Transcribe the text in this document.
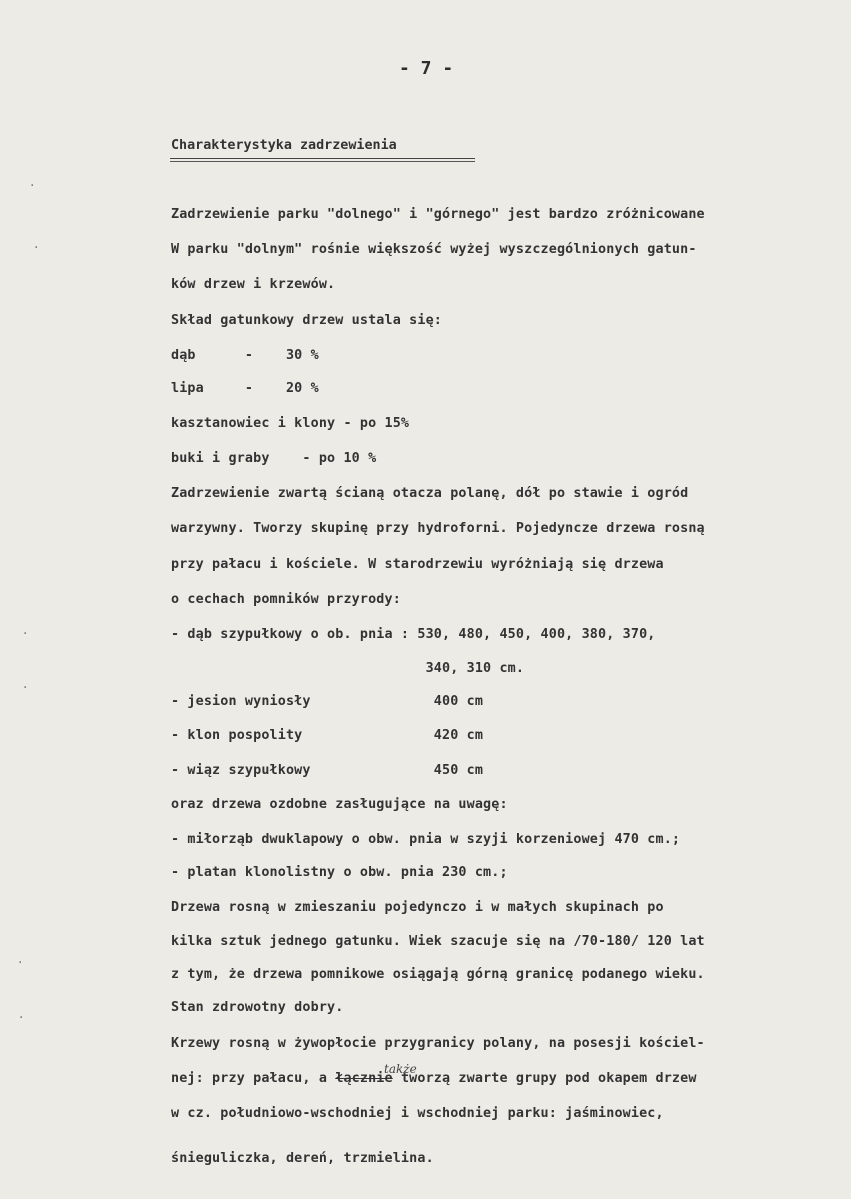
- 7 -
Charakterystyka zadrzewienia
Zadrzewienie parku "dolnego" i "górnego" jest bardzo zróżnicowane
W parku "dolnym" rośnie większość wyżej wyszczególnionych gatun-
ków drzew i krzewów.
Skład gatunkowy drzew ustala się:
dąb      -    30 %
lipa     -    20 %
kasztanowiec i klony - po 15%
buki i graby    - po 10 %
Zadrzewienie zwartą ścianą otacza polanę, dół po stawie i ogród
warzywny. Tworzy skupinę przy hydroforni. Pojedyncze drzewa rosną
przy pałacu i kościele. W starodrzewiu wyróżniają się drzewa
o cechach pomników przyrody:
- dąb szypułkowy o ob. pnia : 530, 480, 450, 400, 380, 370,
340, 310 cm.
- jesion wyniosły               400 cm
- klon pospolity                420 cm
- wiąz szypułkowy               450 cm
oraz drzewa ozdobne zasługujące na uwagę:
- miłorząb dwuklapowy o obw. pnia w szyji korzeniowej 470 cm.;
- platan klonolistny o obw. pnia 230 cm.;
Drzewa rosną w zmieszaniu pojedynczo i w małych skupinach po
kilka sztuk jednego gatunku. Wiek szacuje się na /70-180/ 120 lat
z tym, że drzewa pomnikowe osiągają górną granicę podanego wieku.
Stan zdrowotny dobry.
Krzewy rosną w żywopłocie przygranicy polany, na posesji kościel-
nej: przy pałacu, a łącznie tworzą zwarte grupy pod okapem drzew
w cz. południowo-wschodniej i wschodniej parku: jaśminowiec,
śnieguliczka, dereń, trzmielina.
także
·
·
·
·
·
·
